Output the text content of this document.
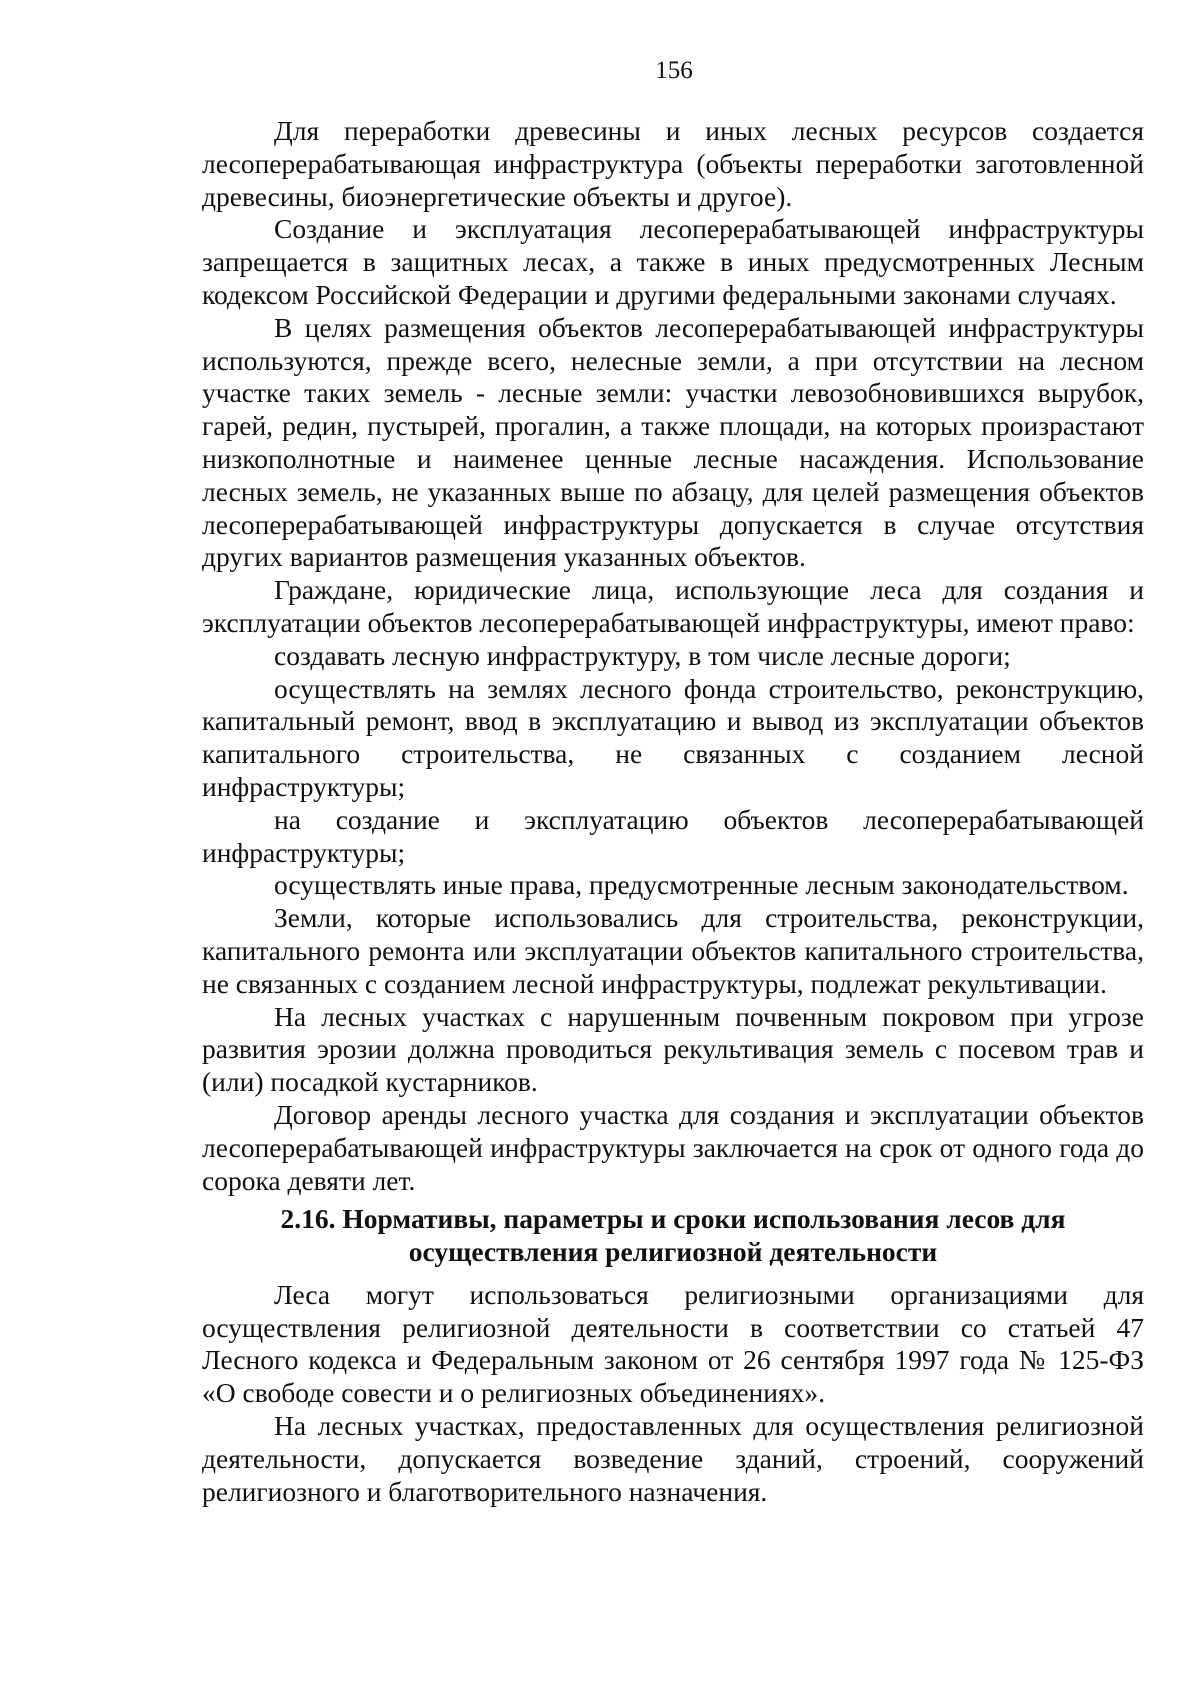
156

Для переработки древесины и иных лесных ресурсов создается лесоперерабатывающая инфраструктура (объекты переработки заготовленной древесины, биоэнергетические объекты и другое).

Создание и эксплуатация лесоперерабатывающей инфраструктуры запрещается в защитных лесах, а также в иных предусмотренных Лесным кодексом Российской Федерации и другими федеральными законами случаях.

В целях размещения объектов лесоперерабатывающей инфраструктуры используются, прежде всего, нелесные земли, а при отсутствии на лесном участке таких земель - лесные земли: участки левозобновившихся вырубок, гарей, редин, пустырей, прогалин, а также площади, на которых произрастают низкополнотные и наименее ценные лесные насаждения. Использование лесных земель, не указанных выше по абзацу, для целей размещения объектов лесоперерабатывающей инфраструктуры допускается в случае отсутствия других вариантов размещения указанных объектов.

Граждане, юридические лица, использующие леса для создания и эксплуатации объектов лесоперерабатывающей инфраструктуры, имеют право:

создавать лесную инфраструктуру, в том числе лесные дороги;

осуществлять на землях лесного фонда строительство, реконструкцию, капитальный ремонт, ввод в эксплуатацию и вывод из эксплуатации объектов капитального строительства, не связанных с созданием лесной инфраструктуры;

на создание и эксплуатацию объектов лесоперерабатывающей инфраструктуры;

осуществлять иные права, предусмотренные лесным законодательством.

Земли, которые использовались для строительства, реконструкции, капитального ремонта или эксплуатации объектов капитального строительства, не связанных с созданием лесной инфраструктуры, подлежат рекультивации.

На лесных участках с нарушенным почвенным покровом при угрозе развития эрозии должна проводиться рекультивация земель с посевом трав и (или) посадкой кустарников.

Договор аренды лесного участка для создания и эксплуатации объектов лесоперерабатывающей инфраструктуры заключается на срок от одного года до сорока девяти лет.

2.16. Нормативы, параметры и сроки использования лесов для
осуществления религиозной деятельности

Леса могут использоваться религиозными организациями для осуществления религиозной деятельности в соответствии со статьей 47 Лесного кодекса и Федеральным законом от 26 сентября 1997 года № 125-ФЗ «О свободе совести и о религиозных объединениях».

На лесных участках, предоставленных для осуществления религиозной деятельности, допускается возведение зданий, строений, сооружений религиозного и благотворительного назначения.
